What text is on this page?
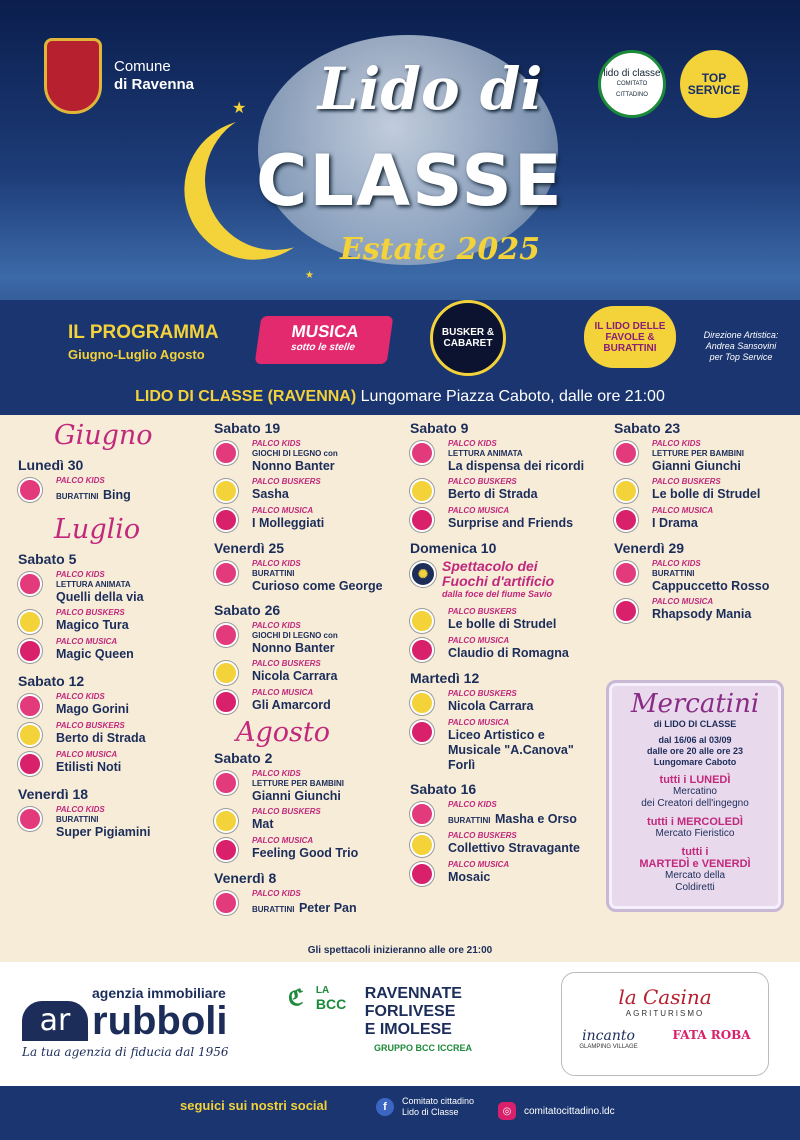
★
★
★
★
Comune
di Ravenna
lido di classe
COMITATO CITTADINO
TOP SERVICE
Lido di
CLASSE
Estate 2025
IL PROGRAMMA
Giugno-Luglio Agosto
MUSICA
sotto le stelle
BUSKER & CABARET
IL LIDO DELLE FAVOLE & BURATTINI
Direzione Artistica:
Andrea Sansovini
per Top Service
LIDO DI CLASSE (RAVENNA) Lungomare Piazza Caboto, dalle ore 21:00
Giugno
Lunedì 30
PALCO KIDS
BURATTINI Bing
Luglio
Sabato 5
PALCO KIDS
LETTURA ANIMATA
Quelli della via
PALCO BUSKERS
Magico Tura
PALCO MUSICA
Magic Queen
Sabato 12
PALCO KIDS
Mago Gorini
PALCO BUSKERS
Berto di Strada
PALCO MUSICA
Etilisti Noti
Venerdì 18
PALCO KIDS
BURATTINI
Super Pigiamini
Sabato 19
PALCO KIDS
GIOCHI DI LEGNO con
Nonno Banter
PALCO BUSKERS
Sasha
PALCO MUSICA
I Molleggiati
Venerdì 25
PALCO KIDS
BURATTINI
Curioso come George
Sabato 26
PALCO KIDS
GIOCHI DI LEGNO con
Nonno Banter
PALCO BUSKERS
Nicola Carrara
PALCO MUSICA
Gli Amarcord
Agosto
Sabato 2
PALCO KIDS
LETTURE PER BAMBINI
Gianni Giunchi
PALCO BUSKERS
Mat
PALCO MUSICA
Feeling Good Trio
Venerdì 8
PALCO KIDS
BURATTINI Peter Pan
Sabato 9
PALCO KIDS
LETTURA ANIMATA
La dispensa dei ricordi
PALCO BUSKERS
Berto di Strada
PALCO MUSICA
Surprise and Friends
Domenica 10
✺ Spettacolo dei
Fuochi d'artificio
dalla foce del fiume Savio
PALCO BUSKERS
Le bolle di Strudel
PALCO MUSICA
Claudio di Romagna
Martedì 12
PALCO BUSKERS
Nicola Carrara
PALCO MUSICA
Liceo Artistico e
Musicale "A.Canova"
Forlì
Sabato 16
PALCO KIDS
BURATTINI Masha e Orso
PALCO BUSKERS
Collettivo Stravagante
PALCO MUSICA
Mosaic
Sabato 23
PALCO KIDS
LETTURE PER BAMBINI
Gianni Giunchi
PALCO BUSKERS
Le bolle di Strudel
PALCO MUSICA
I Drama
Venerdì 29
PALCO KIDS
BURATTINI
Cappuccetto Rosso
PALCO MUSICA
Rhapsody Mania
Mercatini
di LIDO DI CLASSE
dal 16/06 al 03/09
dalle ore 20 alle ore 23
Lungomare Caboto
tutti i LUNEDÌ
Mercatino
dei Creatori dell'ingegno
tutti i MERCOLEDÌ
Mercato Fieristico
tutti i
MARTEDÌ e VENERDÌ
Mercato della
Coldiretti
Gli spettacoli inizieranno alle ore 21:00
agenzia immobiliare
ar rubboli
La tua agenzia di fiducia dal 1956
ℭ LA
BCC

RAVENNATE
FORLIVESE
E IMOLESE
GRUPPO BCC ICCREA
la Casina
AGRITURISMO
incanto
GLAMPING VILLAGE
FATA ROBA
seguici sui nostri social	f	Comitato cittadino
Lido di Classe	◎	comitatocittadino.ldc
